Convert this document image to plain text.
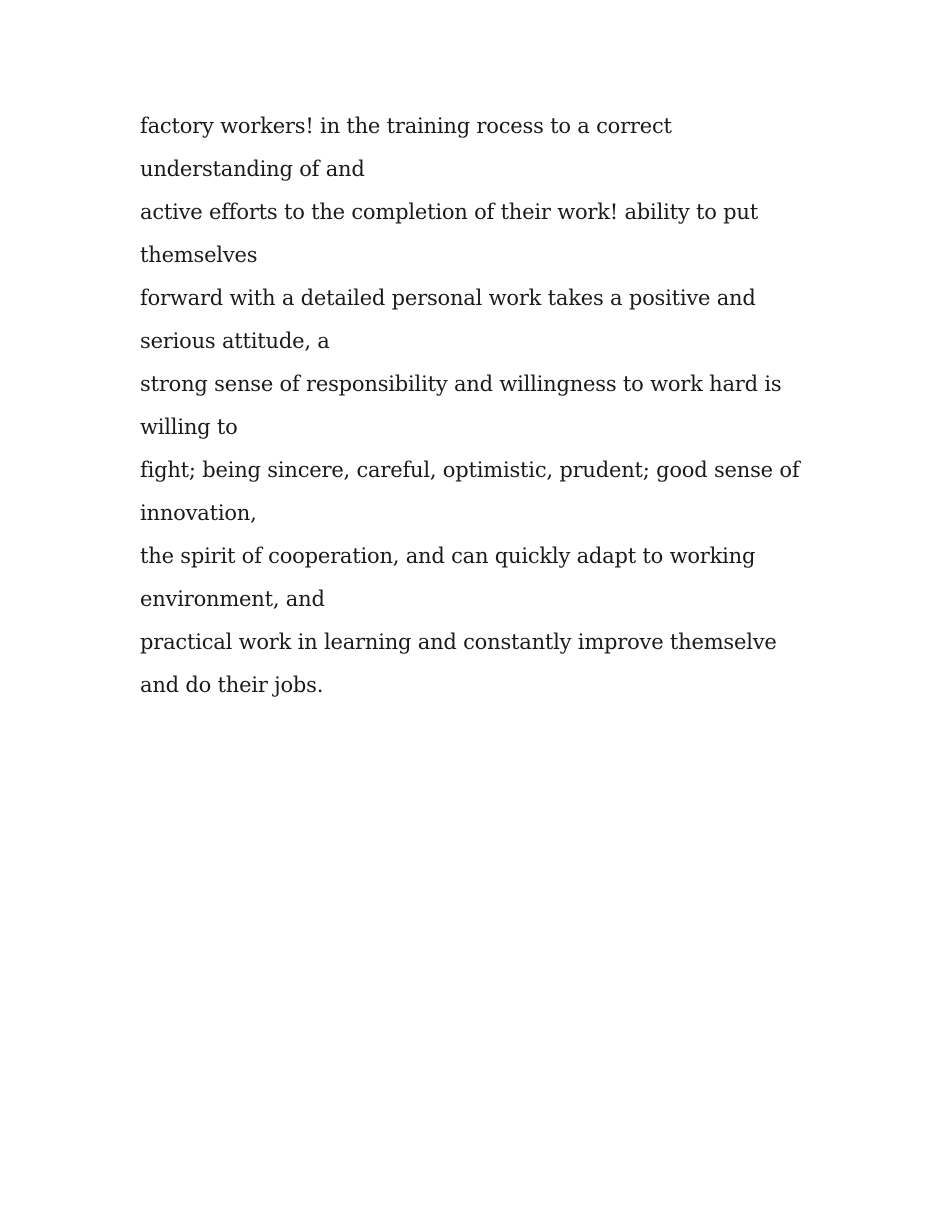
factory workers! in the training rocess to a correct understanding of and

active efforts to the completion of their work! ability to put themselves

forward with a detailed personal work takes a positive and serious attitude, a

strong sense of responsibility and willingness to work hard is willing to

fight; being sincere, careful, optimistic, prudent; good sense of innovation,

the spirit of cooperation, and can quickly adapt to working environment, and

practical work in learning and constantly improve themselve and do their jobs.
